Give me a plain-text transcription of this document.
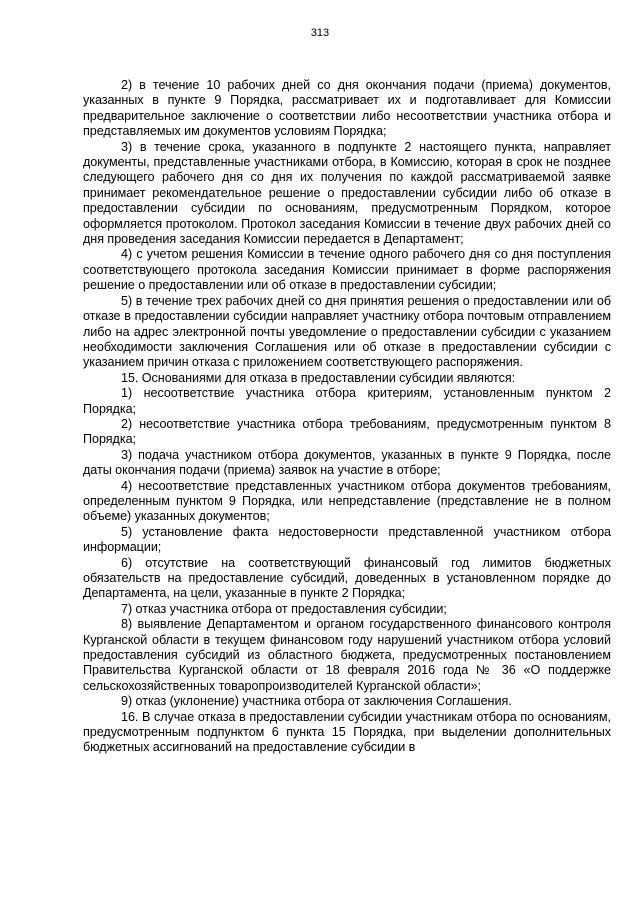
313

2) в течение 10 рабочих дней со дня окончания подачи (приема) документов, указанных в пункте 9 Порядка, рассматривает их и подготавливает для Комиссии предварительное заключение о соответствии либо несоответствии участника отбора и представляемых им документов условиям Порядка;

3) в течение срока, указанного в подпункте 2 настоящего пункта, направляет документы, представленные участниками отбора, в Комиссию, которая в срок не позднее следующего рабочего дня со дня их получения по каждой рассматриваемой заявке принимает рекомендательное решение о предоставлении субсидии либо об отказе в предоставлении субсидии по основаниям, предусмотренным Порядком, которое оформляется протоколом. Протокол заседания Комиссии в течение двух рабочих дней со дня проведения заседания Комиссии передается в Департамент;

4) с учетом решения Комиссии в течение одного рабочего дня со дня поступления соответствующего протокола заседания Комиссии принимает в форме распоряжения решение о предоставлении или об отказе в предоставлении субсидии;

5) в течение трех рабочих дней со дня принятия решения о предоставлении или об отказе в предоставлении субсидии направляет участнику отбора почтовым отправлением либо на адрес электронной почты уведомление о предоставлении субсидии с указанием необходимости заключения Соглашения или об отказе в предоставлении субсидии с указанием причин отказа с приложением соответствующего распоряжения.

15. Основаниями для отказа в предоставлении субсидии являются:

1) несоответствие участника отбора критериям, установленным пунктом 2 Порядка;

2) несоответствие участника отбора требованиям, предусмотренным пунктом 8 Порядка;

3) подача участником отбора документов, указанных в пункте 9 Порядка, после даты окончания подачи (приема) заявок на участие в отборе;

4) несоответствие представленных участником отбора документов требованиям, определенным пунктом 9 Порядка, или непредставление (представление не в полном объеме) указанных документов;

5) установление факта недостоверности представленной участником отбора информации;

6) отсутствие на соответствующий финансовый год лимитов бюджетных обязательств на предоставление субсидий, доведенных в установленном порядке до Департамента, на цели, указанные в пункте 2 Порядка;

7) отказ участника отбора от предоставления субсидии;

8) выявление Департаментом и органом государственного финансового контроля Курганской области в текущем финансовом году нарушений участником отбора условий предоставления субсидий из областного бюджета, предусмотренных постановлением Правительства Курганской области от 18 февраля 2016 года № 36 «О поддержке сельскохозяйственных товаропроизводителей Курганской области»;

9) отказ (уклонение) участника отбора от заключения Соглашения.

16. В случае отказа в предоставлении субсидии участникам отбора по основаниям, предусмотренным подпунктом 6 пункта 15 Порядка, при выделении дополнительных бюджетных ассигнований на предоставление субсидии в
